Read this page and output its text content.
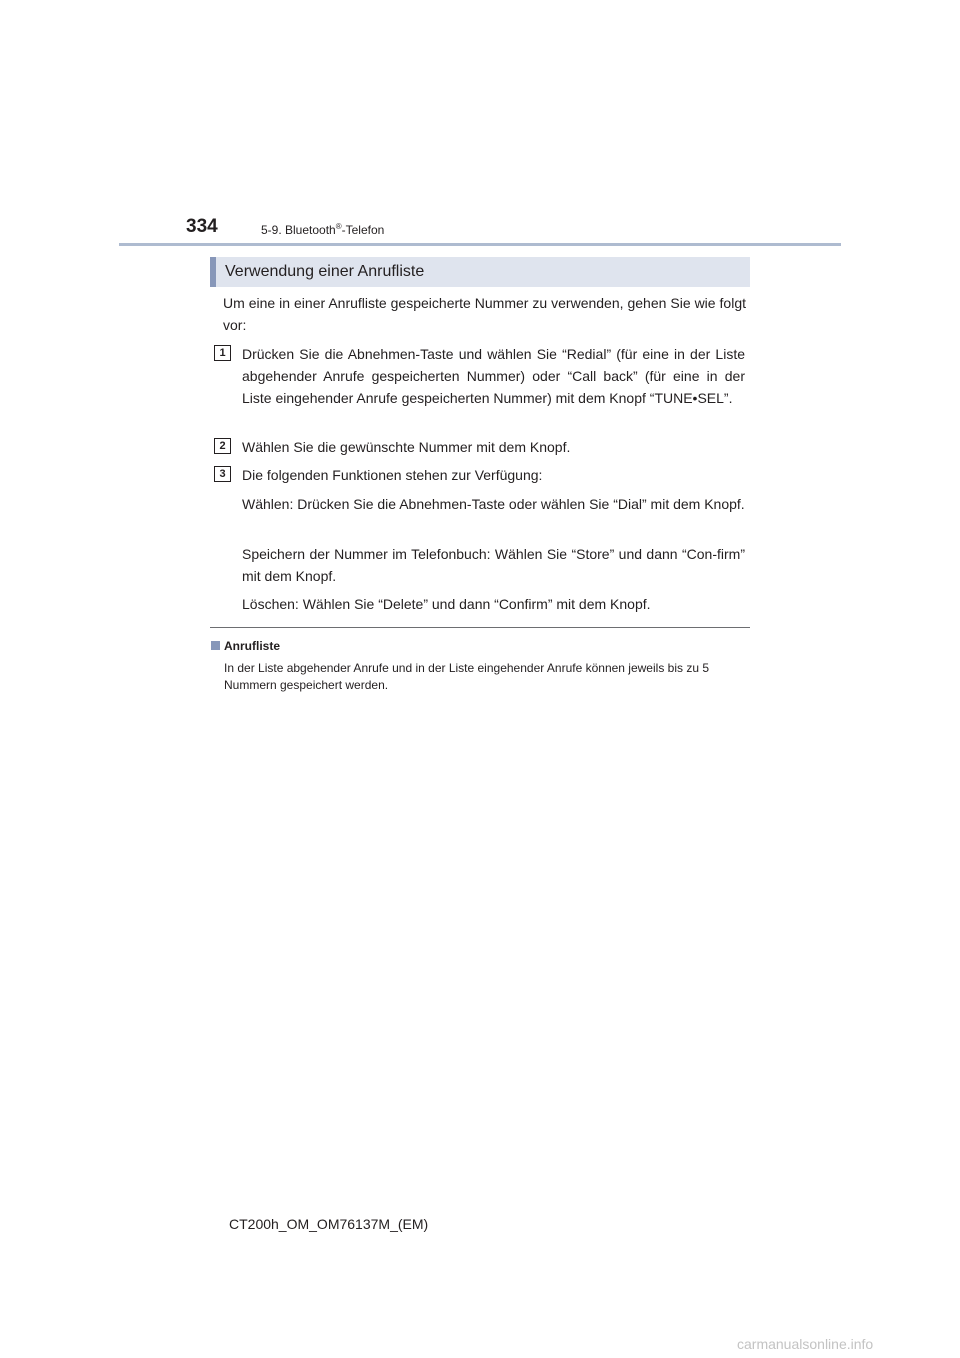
334	5-9. Bluetooth®-Telefon
Verwendung einer Anrufliste

Um eine in einer Anrufliste gespeicherte Nummer zu verwenden, gehen Sie wie folgt vor:

1	Drücken Sie die Abnehmen-Taste und wählen Sie “Redial” (für eine in der Liste abgehender Anrufe gespeicherten Nummer) oder “Call back” (für eine in der Liste eingehender Anrufe gespeicherten Nummer) mit dem Knopf “TUNE•SEL”.

2	Wählen Sie die gewünschte Nummer mit dem Knopf.

3	Die folgenden Funktionen stehen zur Verfügung:

Wählen: Drücken Sie die Abnehmen-Taste oder wählen Sie “Dial” mit dem Knopf.

Speichern der Nummer im Telefonbuch: Wählen Sie “Store” und dann “Con-firm” mit dem Knopf.

Löschen: Wählen Sie “Delete” und dann “Confirm” mit dem Knopf.

Anrufliste

In der Liste abgehender Anrufe und in der Liste eingehender Anrufe können jeweils bis zu 5 Nummern gespeichert werden.

CT200h_OM_OM76137M_(EM)
carmanualsonline.info
